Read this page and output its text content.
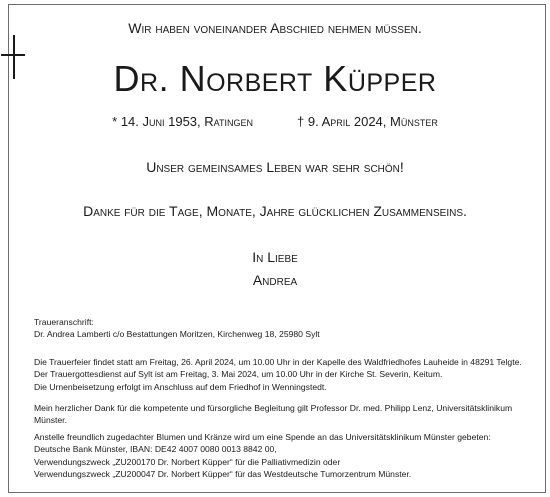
Wir haben voneinander Abschied nehmen müssen.
Dr. Norbert Küpper
* 14. Juni 1953, Ratingen	† 9. April 2024, Münster
Unser gemeinsames Leben war sehr schön!
Danke für die Tage, Monate, Jahre glücklichen Zusammenseins.
In Liebe
Andrea
Traueranschrift:
Dr. Andrea Lamberti c/o Bestattungen Moritzen, Kirchenweg 18, 25980 Sylt
Die Trauerfeier findet statt am Freitag, 26. April 2024, um 10.00 Uhr in der Kapelle des Waldfriedhofes Lauheide in 48291 Telgte.
Der Trauergottesdienst auf Sylt ist am Freitag, 3. Mai 2024, um 10.00 Uhr in der Kirche St. Severin, Keitum.
Die Urnenbeisetzung erfolgt im Anschluss auf dem Friedhof in Wenningstedt.
Mein herzlicher Dank für die kompetente und fürsorgliche Begleitung gilt Professor Dr. med. Philipp Lenz, Universitätsklinikum
Münster.
Anstelle freundlich zugedachter Blumen und Kränze wird um eine Spende an das Universitätsklinikum Münster gebeten:
Deutsche Bank Münster, IBAN: DE42 4007 0080 0013 8842 00,
Verwendungszweck „ZU200170 Dr. Norbert Küpper“ für die Palliativmedizin oder
Verwendungszweck „ZU200047 Dr. Norbert Küpper“ für das Westdeutsche Tumorzentrum Münster.
